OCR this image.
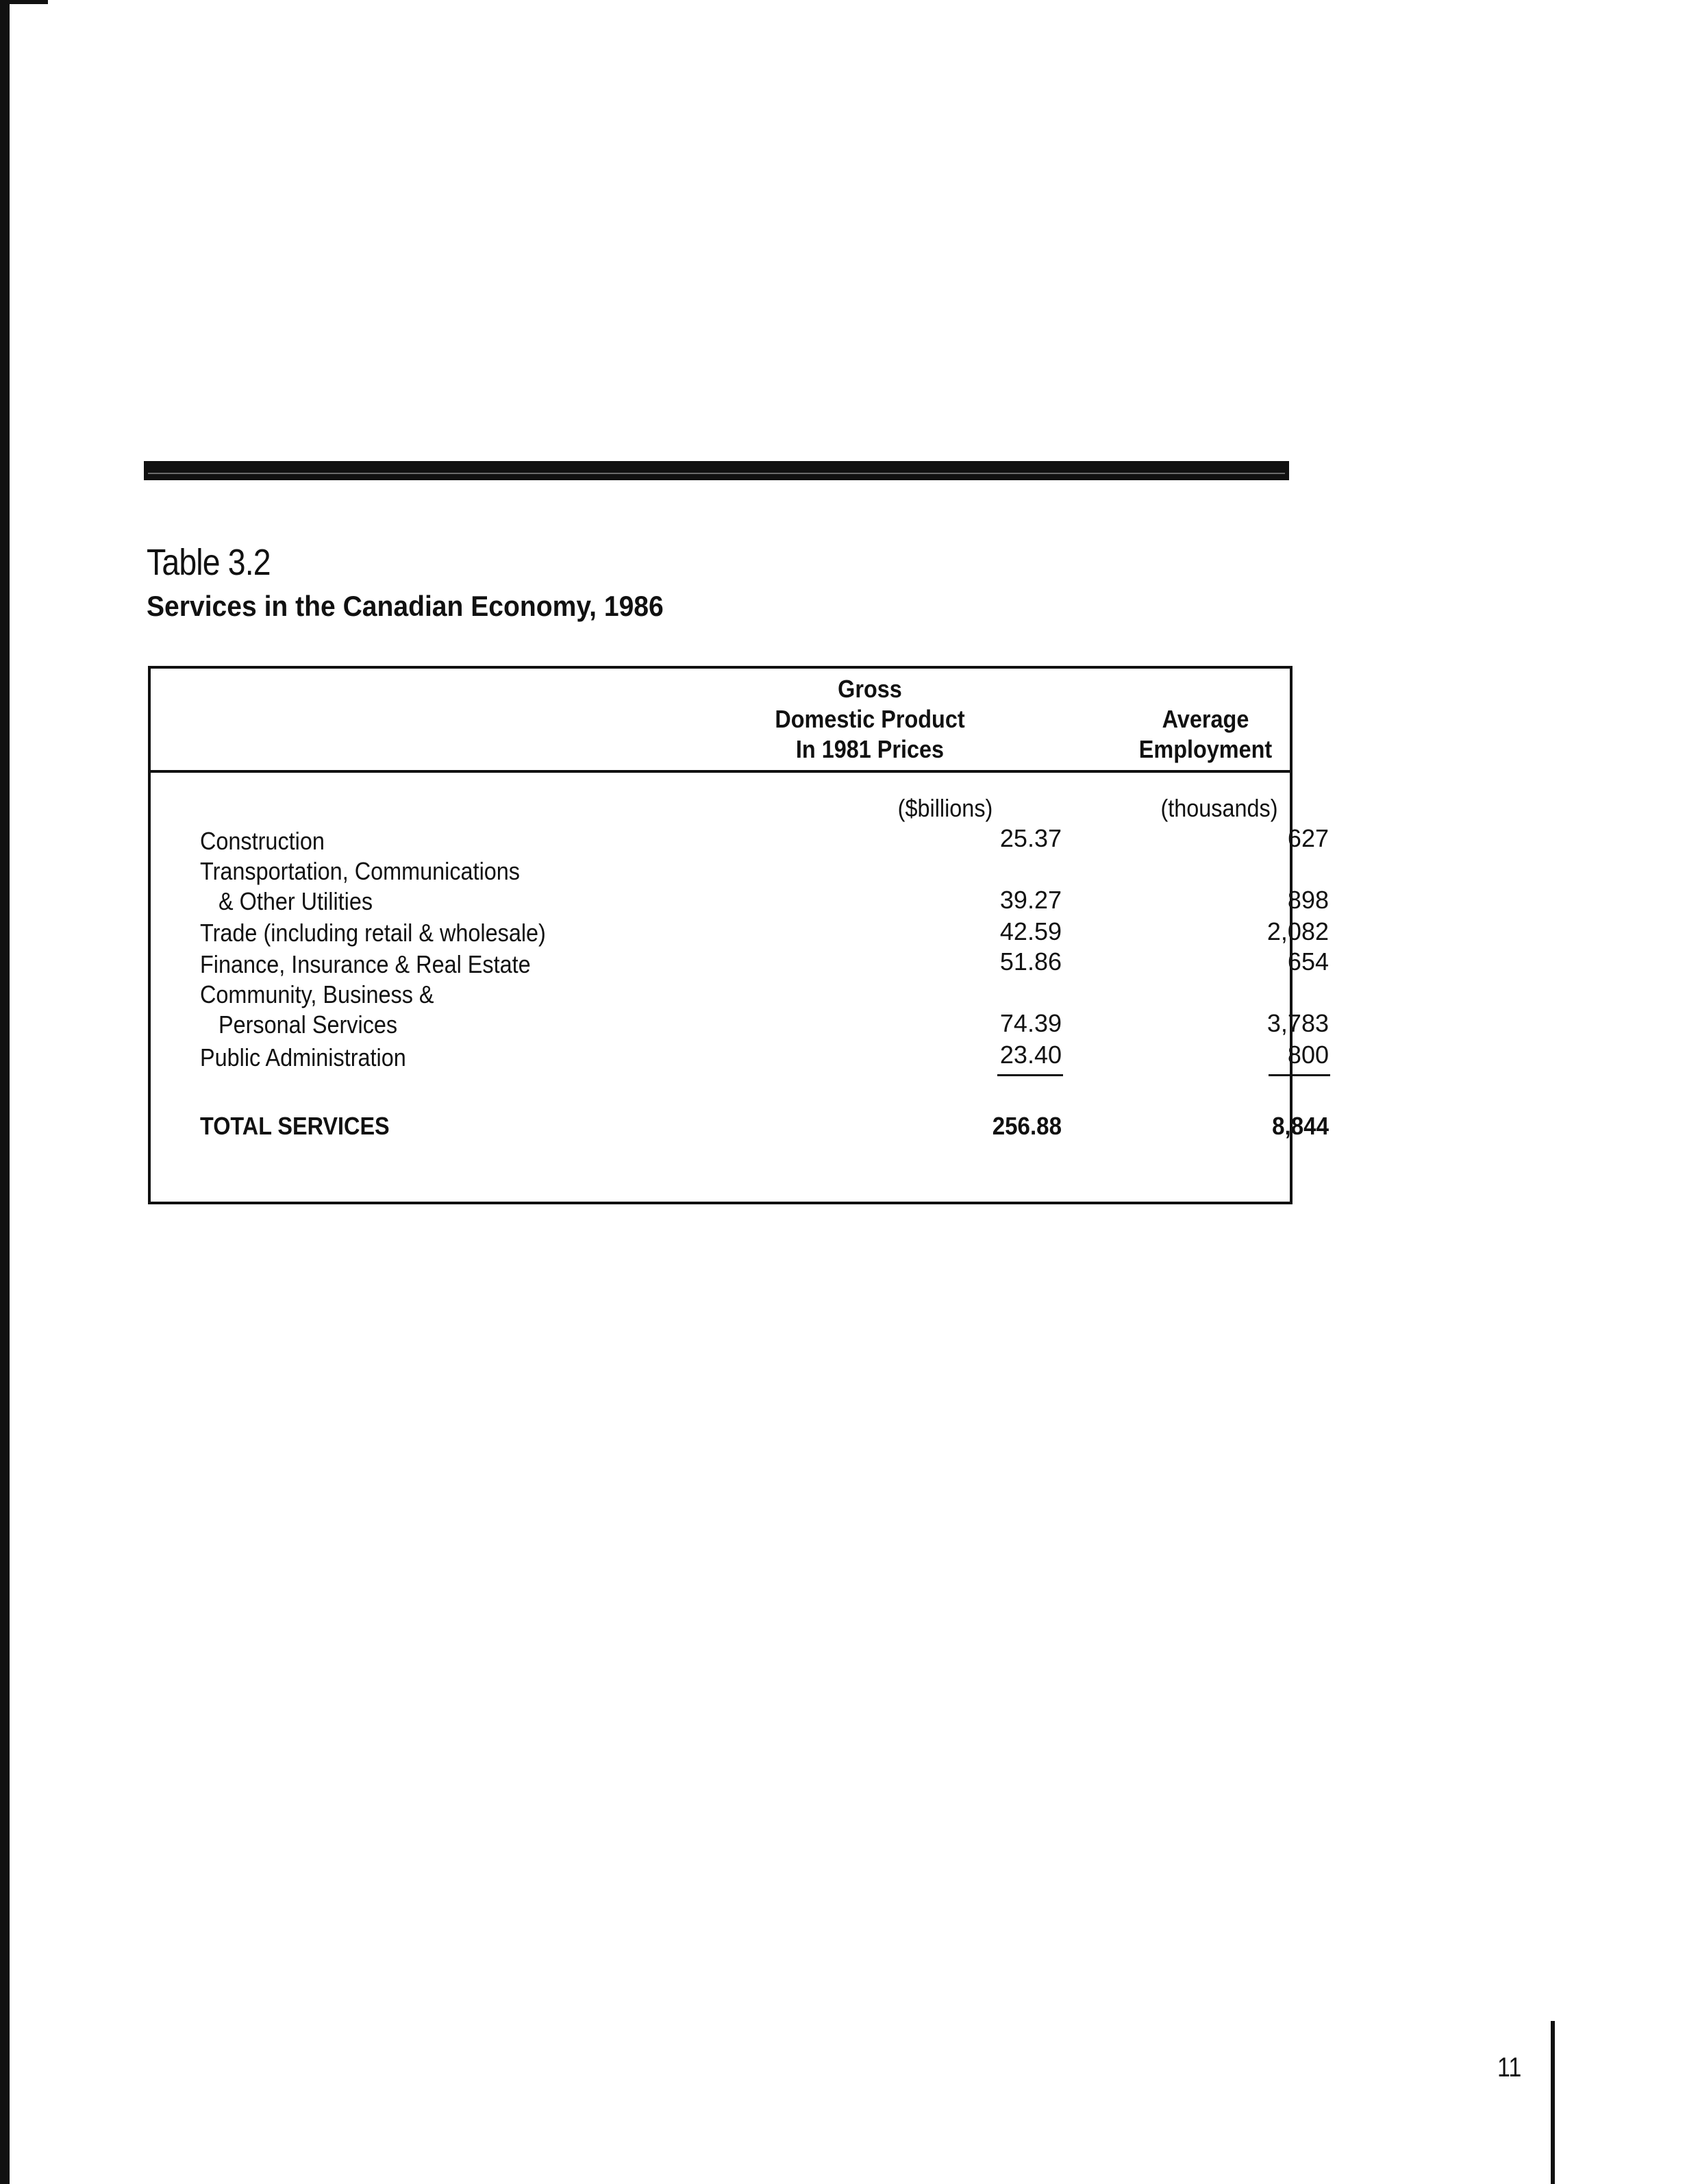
Table 3.2
Services in the Canadian Economy, 1986
Gross
Domestic Product
In 1981 Prices
Average
Employment
($billions)	(thousands)
Construction	25.37	627
Transportation, Communications
& Other Utilities	39.27	898
Trade (including retail & wholesale)	42.59	2,082
Finance, Insurance & Real Estate	51.86	654
Community, Business &
Personal Services	74.39	3,783
Public Administration	23.40	800
TOTAL SERVICES	256.88	8,844
11
